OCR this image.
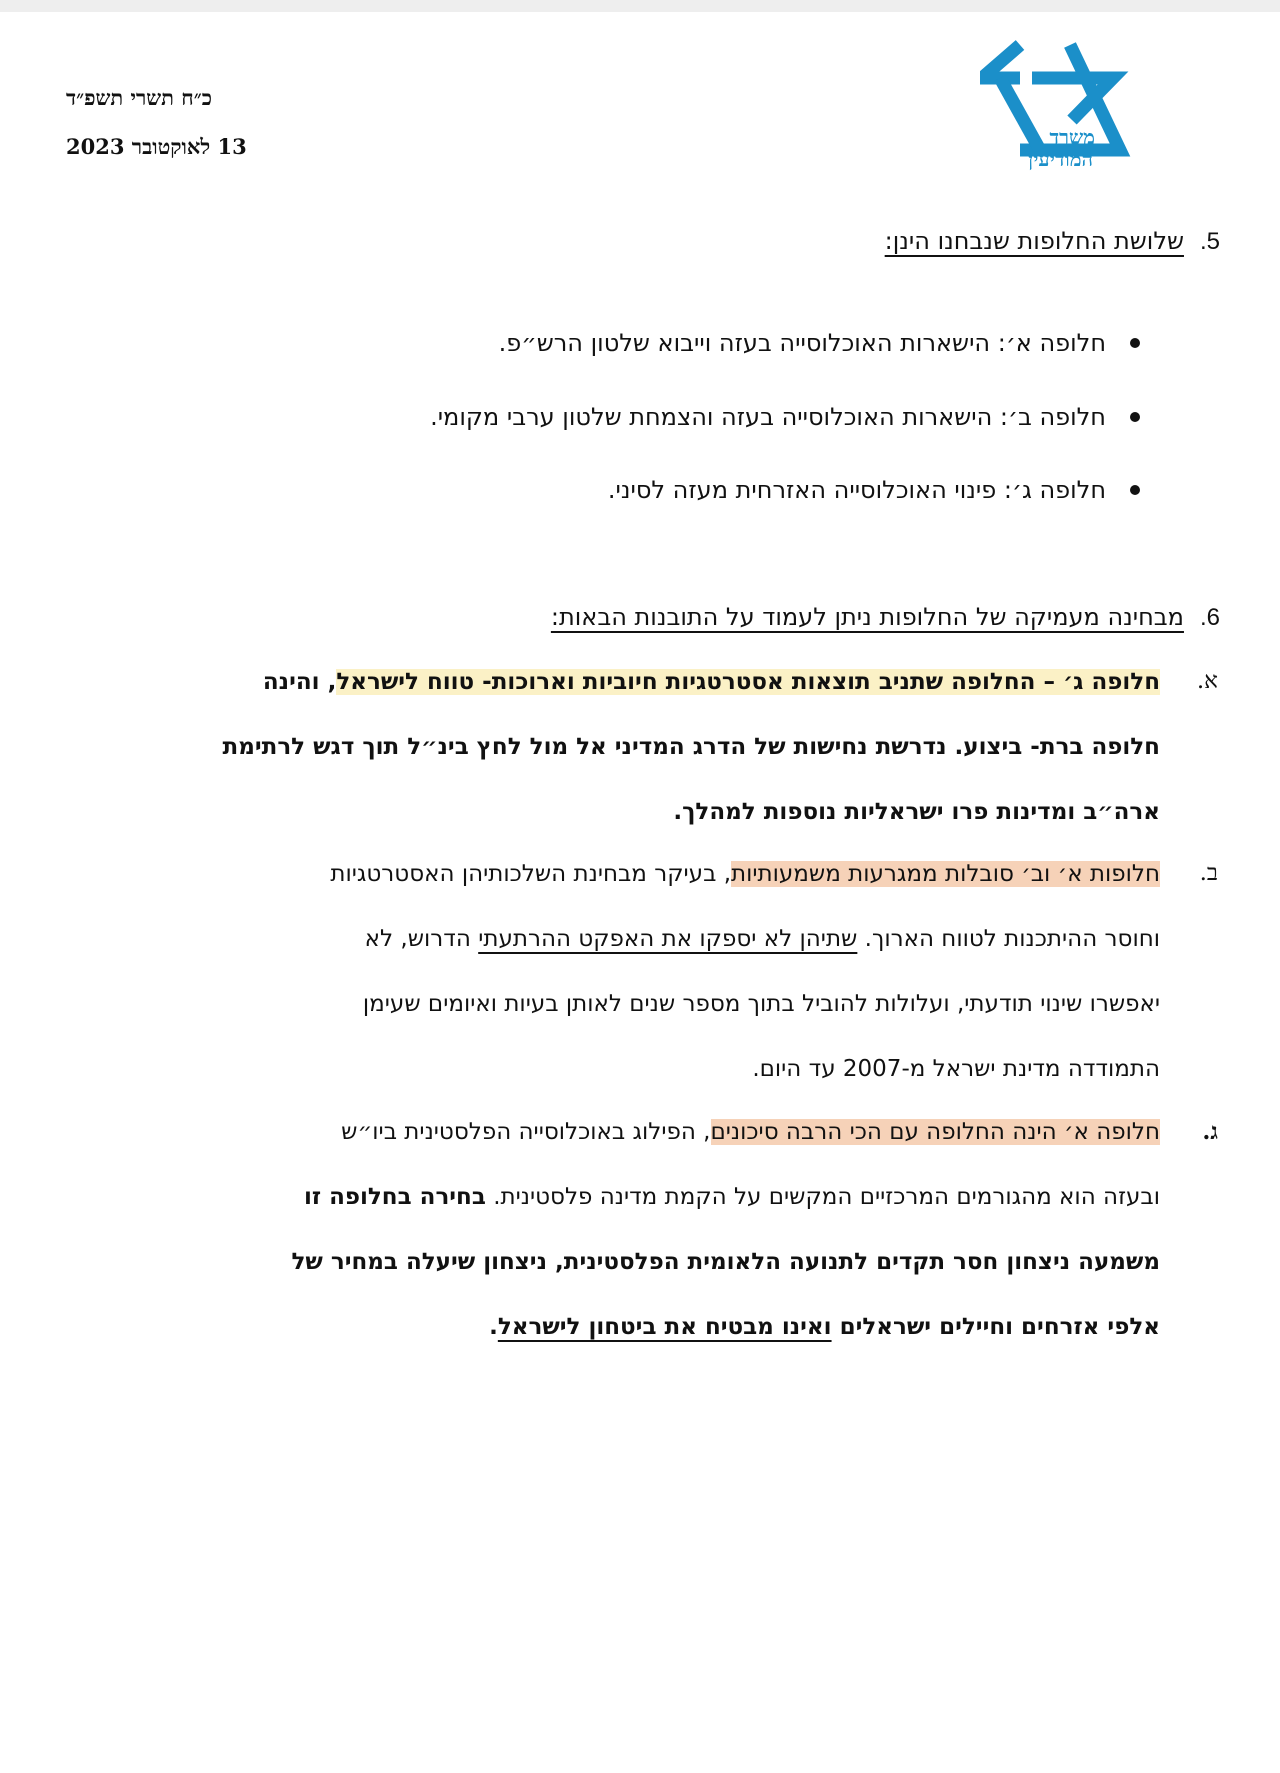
כ״ח תשרי תשפ״ד
13 לאוקטובר 2023	משרד
המודיעין
5.
שלושת החלופות שנבחנו הינן:
חלופה א׳: הישארות האוכלוסייה בעזה וייבוא שלטון הרש״פ.
חלופה ב׳: הישארות האוכלוסייה בעזה והצמחת שלטון ערבי מקומי.
חלופה ג׳: פינוי האוכלוסייה האזרחית מעזה לסיני.
6.
מבחינה מעמיקה של החלופות ניתן לעמוד על התובנות הבאות:
א.
חלופה ג׳ – החלופה שתניב תוצאות אסטרטגיות חיוביות וארוכות- טווח לישראל, והינה
חלופה ברת- ביצוע. נדרשת נחישות של הדרג המדיני אל מול לחץ בינ״ל תוך דגש לרתימת
ארה״ב ומדינות פרו ישראליות נוספות למהלך.
ב.
חלופות א׳ וב׳ סובלות ממגרעות משמעותיות, בעיקר מבחינת השלכותיהן האסטרטגיות
וחוסר ההיתכנות לטווח הארוך. שתיהן לא יספקו את האפקט ההרתעתי הדרוש, לא
יאפשרו שינוי תודעתי, ועלולות להוביל בתוך מספר שנים לאותן בעיות ואיומים שעימן
התמודדה מדינת ישראל מ-2007 עד היום.
ג.
חלופה א׳ הינה החלופה עם הכי הרבה סיכונים, הפילוג באוכלוסייה הפלסטינית ביו״ש
ובעזה הוא מהגורמים המרכזיים המקשים על הקמת מדינה פלסטינית. בחירה בחלופה זו
משמעה ניצחון חסר תקדים לתנועה הלאומית הפלסטינית, ניצחון שיעלה במחיר של
אלפי אזרחים וחיילים ישראלים ואינו מבטיח את ביטחון לישראל.
